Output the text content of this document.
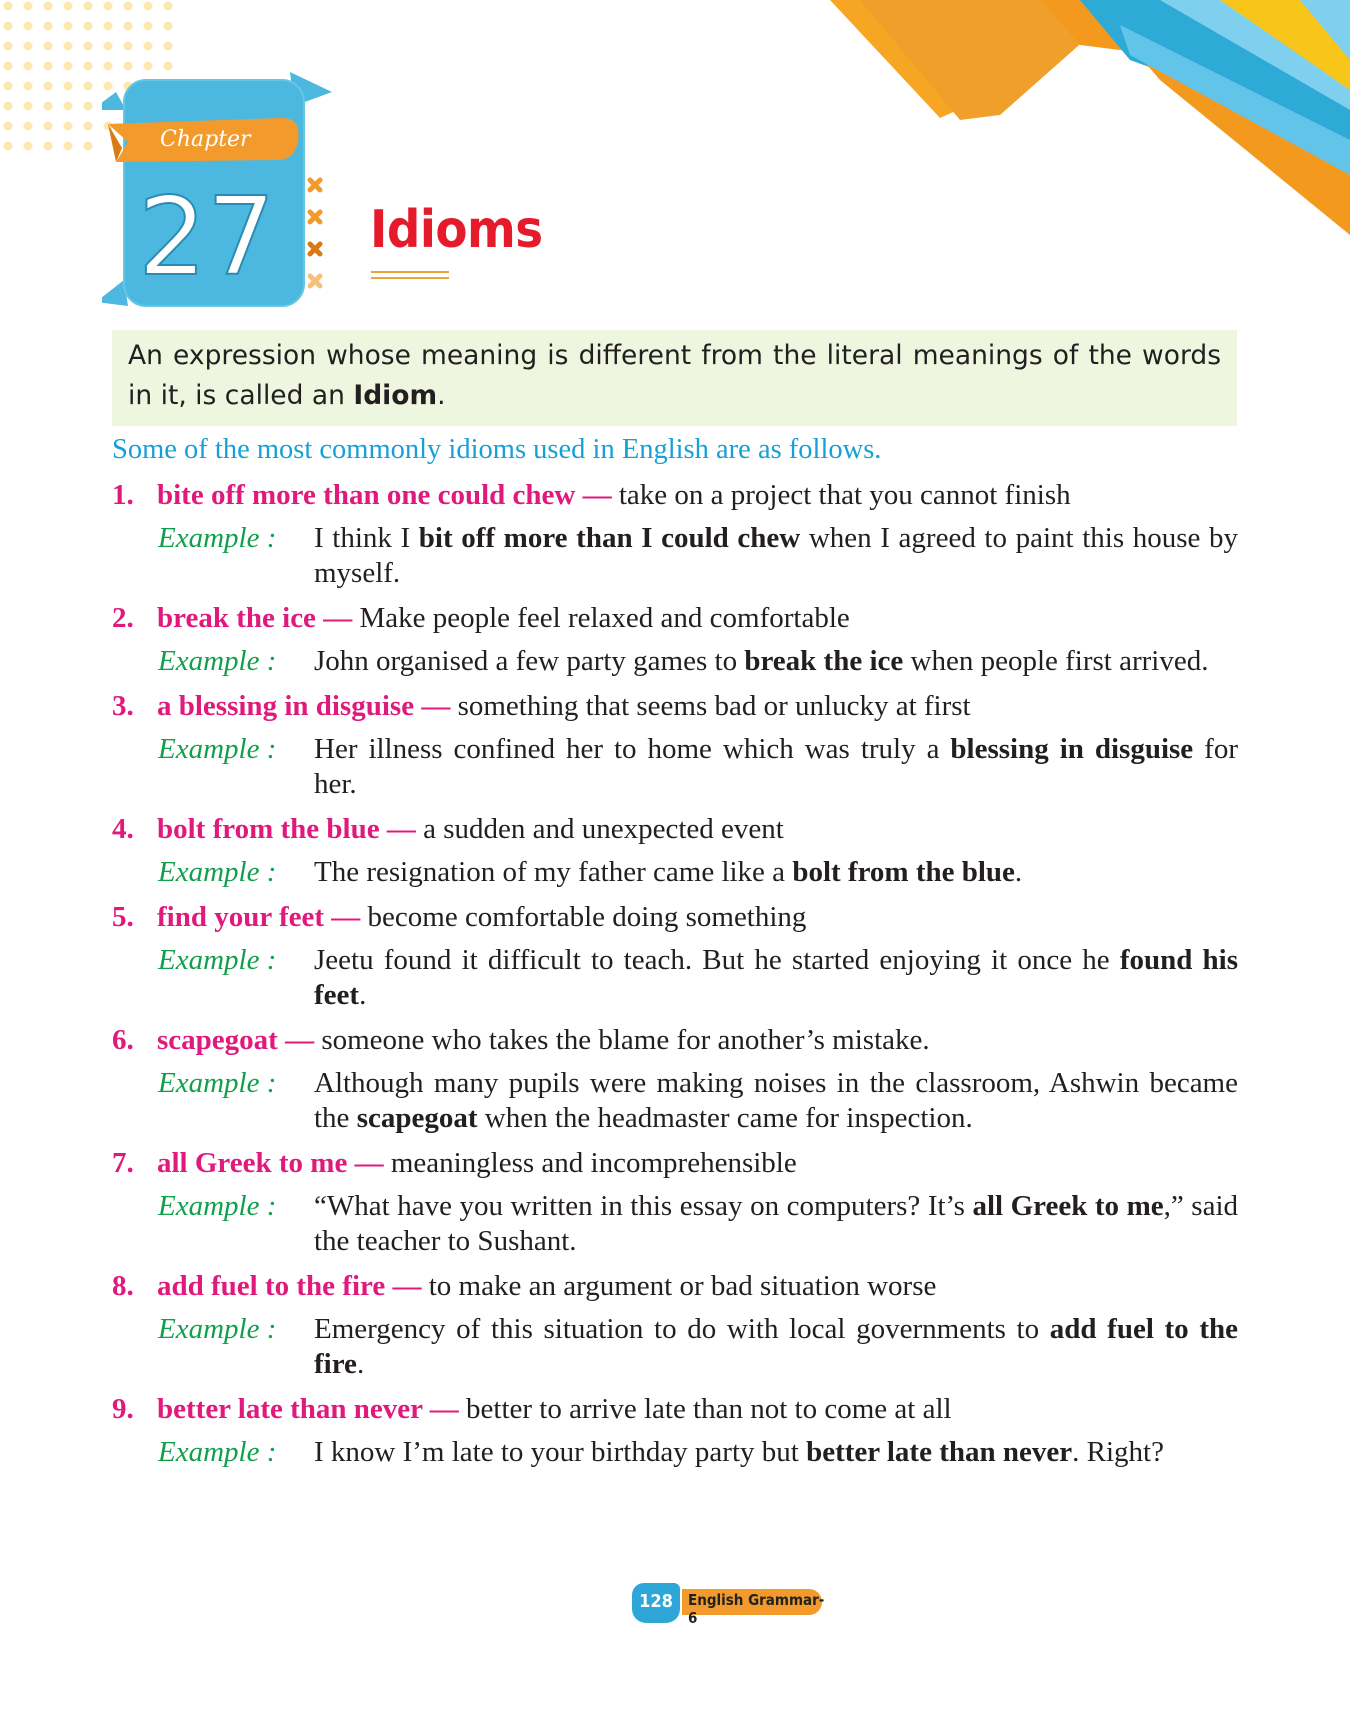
Chapter
27 Idioms
An expression whose meaning is different from the literal meanings of the words in it, is called an Idiom.

Some of the most commonly idioms used in English are as follows.

1. bite off more than one could chew — take on a project that you cannot finish
Example : I think I bit off more than I could chew when I agreed to paint this house by myself.
2. break the ice — Make people feel relaxed and comfortable
Example : John organised a few party games to break the ice when people first arrived.
3. a blessing in disguise — something that seems bad or unlucky at first
Example : Her illness confined her to home which was truly a blessing in disguise for her.
4. bolt from the blue — a sudden and unexpected event
Example : The resignation of my father came like a bolt from the blue.
5. find your feet — become comfortable doing something
Example : Jeetu found it difficult to teach. But he started enjoying it once he found his feet.
6. scapegoat — someone who takes the blame for another’s mistake.
Example : Although many pupils were making noises in the classroom, Ashwin became the scapegoat when the headmaster came for inspection.
7. all Greek to me — meaningless and incomprehensible
Example : “What have you written in this essay on computers? It’s all Greek to me,” said the teacher to Sushant.
8. add fuel to the fire — to make an argument or bad situation worse
Example : Emergency of this situation to do with local governments to add fuel to the fire.
9. better late than never — better to arrive late than not to come at all
Example : I know I’m late to your birthday party but better late than never. Right?
English Grammar-6
128
